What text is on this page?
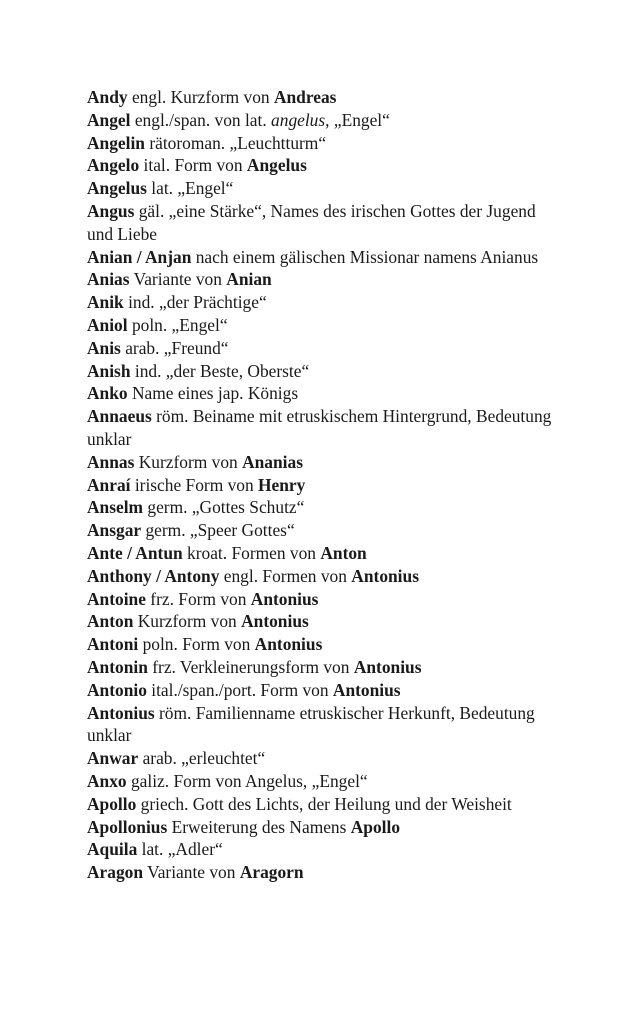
Andy engl. Kurzform von Andreas

Angel engl./span. von lat. angelus, „Engel“

Angelin rätoroman. „Leuchtturm“

Angelo ital. Form von Angelus

Angelus lat. „Engel“

Angus gäl. „eine Stärke“, Names des irischen Gottes der Jugend und Liebe

Anian / Anjan nach einem gälischen Missionar namens Anianus

Anias Variante von Anian

Anik ind. „der Prächtige“

Aniol poln. „Engel“

Anis arab. „Freund“

Anish ind. „der Beste, Oberste“

Anko Name eines jap. Königs

Annaeus röm. Beiname mit etruskischem Hintergrund, Bedeutung unklar

Annas Kurzform von Ananias

Anraí irische Form von Henry

Anselm germ. „Gottes Schutz“

Ansgar germ. „Speer Gottes“

Ante / Antun kroat. Formen von Anton

Anthony / Antony engl. Formen von Antonius

Antoine frz. Form von Antonius

Anton Kurzform von Antonius

Antoni poln. Form von Antonius

Antonin frz. Verkleinerungsform von Antonius

Antonio ital./span./port. Form von Antonius

Antonius röm. Familienname etruskischer Herkunft, Bedeutung unklar

Anwar arab. „erleuchtet“

Anxo galiz. Form von Angelus, „Engel“

Apollo griech. Gott des Lichts, der Heilung und der Weisheit

Apollonius Erweiterung des Namens Apollo

Aquila lat. „Adler“

Aragon Variante von Aragorn
